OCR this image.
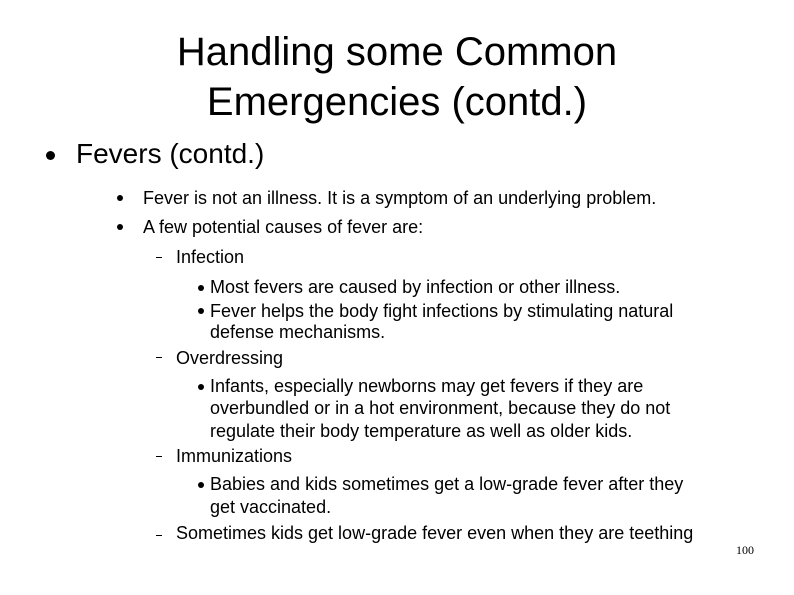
Handling some Common
Emergencies (contd.)
Fevers (contd.)
Fever is not an illness. It is a symptom of an underlying problem.
A few potential causes of fever are:
Infection
Most fevers are caused by infection or other illness.
Fever helps the body fight infections by stimulating natural
defense mechanisms.
Overdressing
Infants, especially newborns may get fevers if they are
overbundled or in a hot environment, because they do not
regulate their body temperature as well as older kids.
Immunizations
Babies and kids sometimes get a low-grade fever after they
get vaccinated.
Sometimes kids get low-grade fever even when they are teething
100
